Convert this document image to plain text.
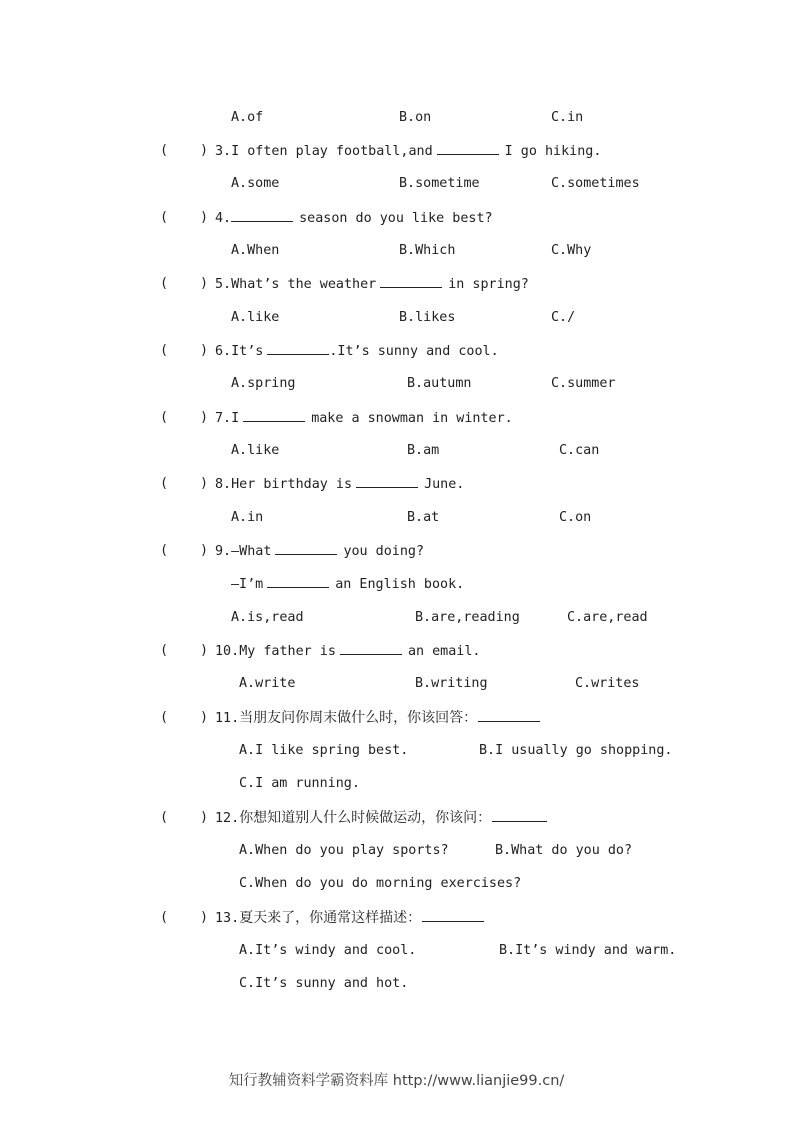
A.of	B.on	C.in
( ) 3.I often play football,and	I go hiking.
A.some	B.sometime	C.sometimes
( ) 4.	season do you like best?
A.When	B.Which	C.Why
( ) 5.What’s the weather	in spring?
A.like	B.likes	C./
( ) 6.It’s	.It’s sunny and cool.
A.spring	B.autumn	C.summer
( ) 7.I	make a snowman in winter.
A.like	B.am	C.can
( ) 8.Her birthday is	June.
A.in	B.at	C.on
( ) 9.—What	you doing?
—I’m	an English book.
A.is,read	B.are,reading	C.are,read
( ) 10.My father is	an email.
A.write	B.writing	C.writes
( ) 11.当朋友问你周末做什么时，你该回答：
A.I like spring best.	B.I usually go shopping.
C.I am running.
( ) 12.你想知道别人什么时候做运动，你该问：
A.When do you play sports?	B.What do you do?
C.When do you do morning exercises?
( ) 13.夏天来了，你通常这样描述：
A.It’s windy and cool.	B.It’s windy and warm.
C.It’s sunny and hot.
知行教辅资料学霸资料库 http://www.lianjie99.cn/
